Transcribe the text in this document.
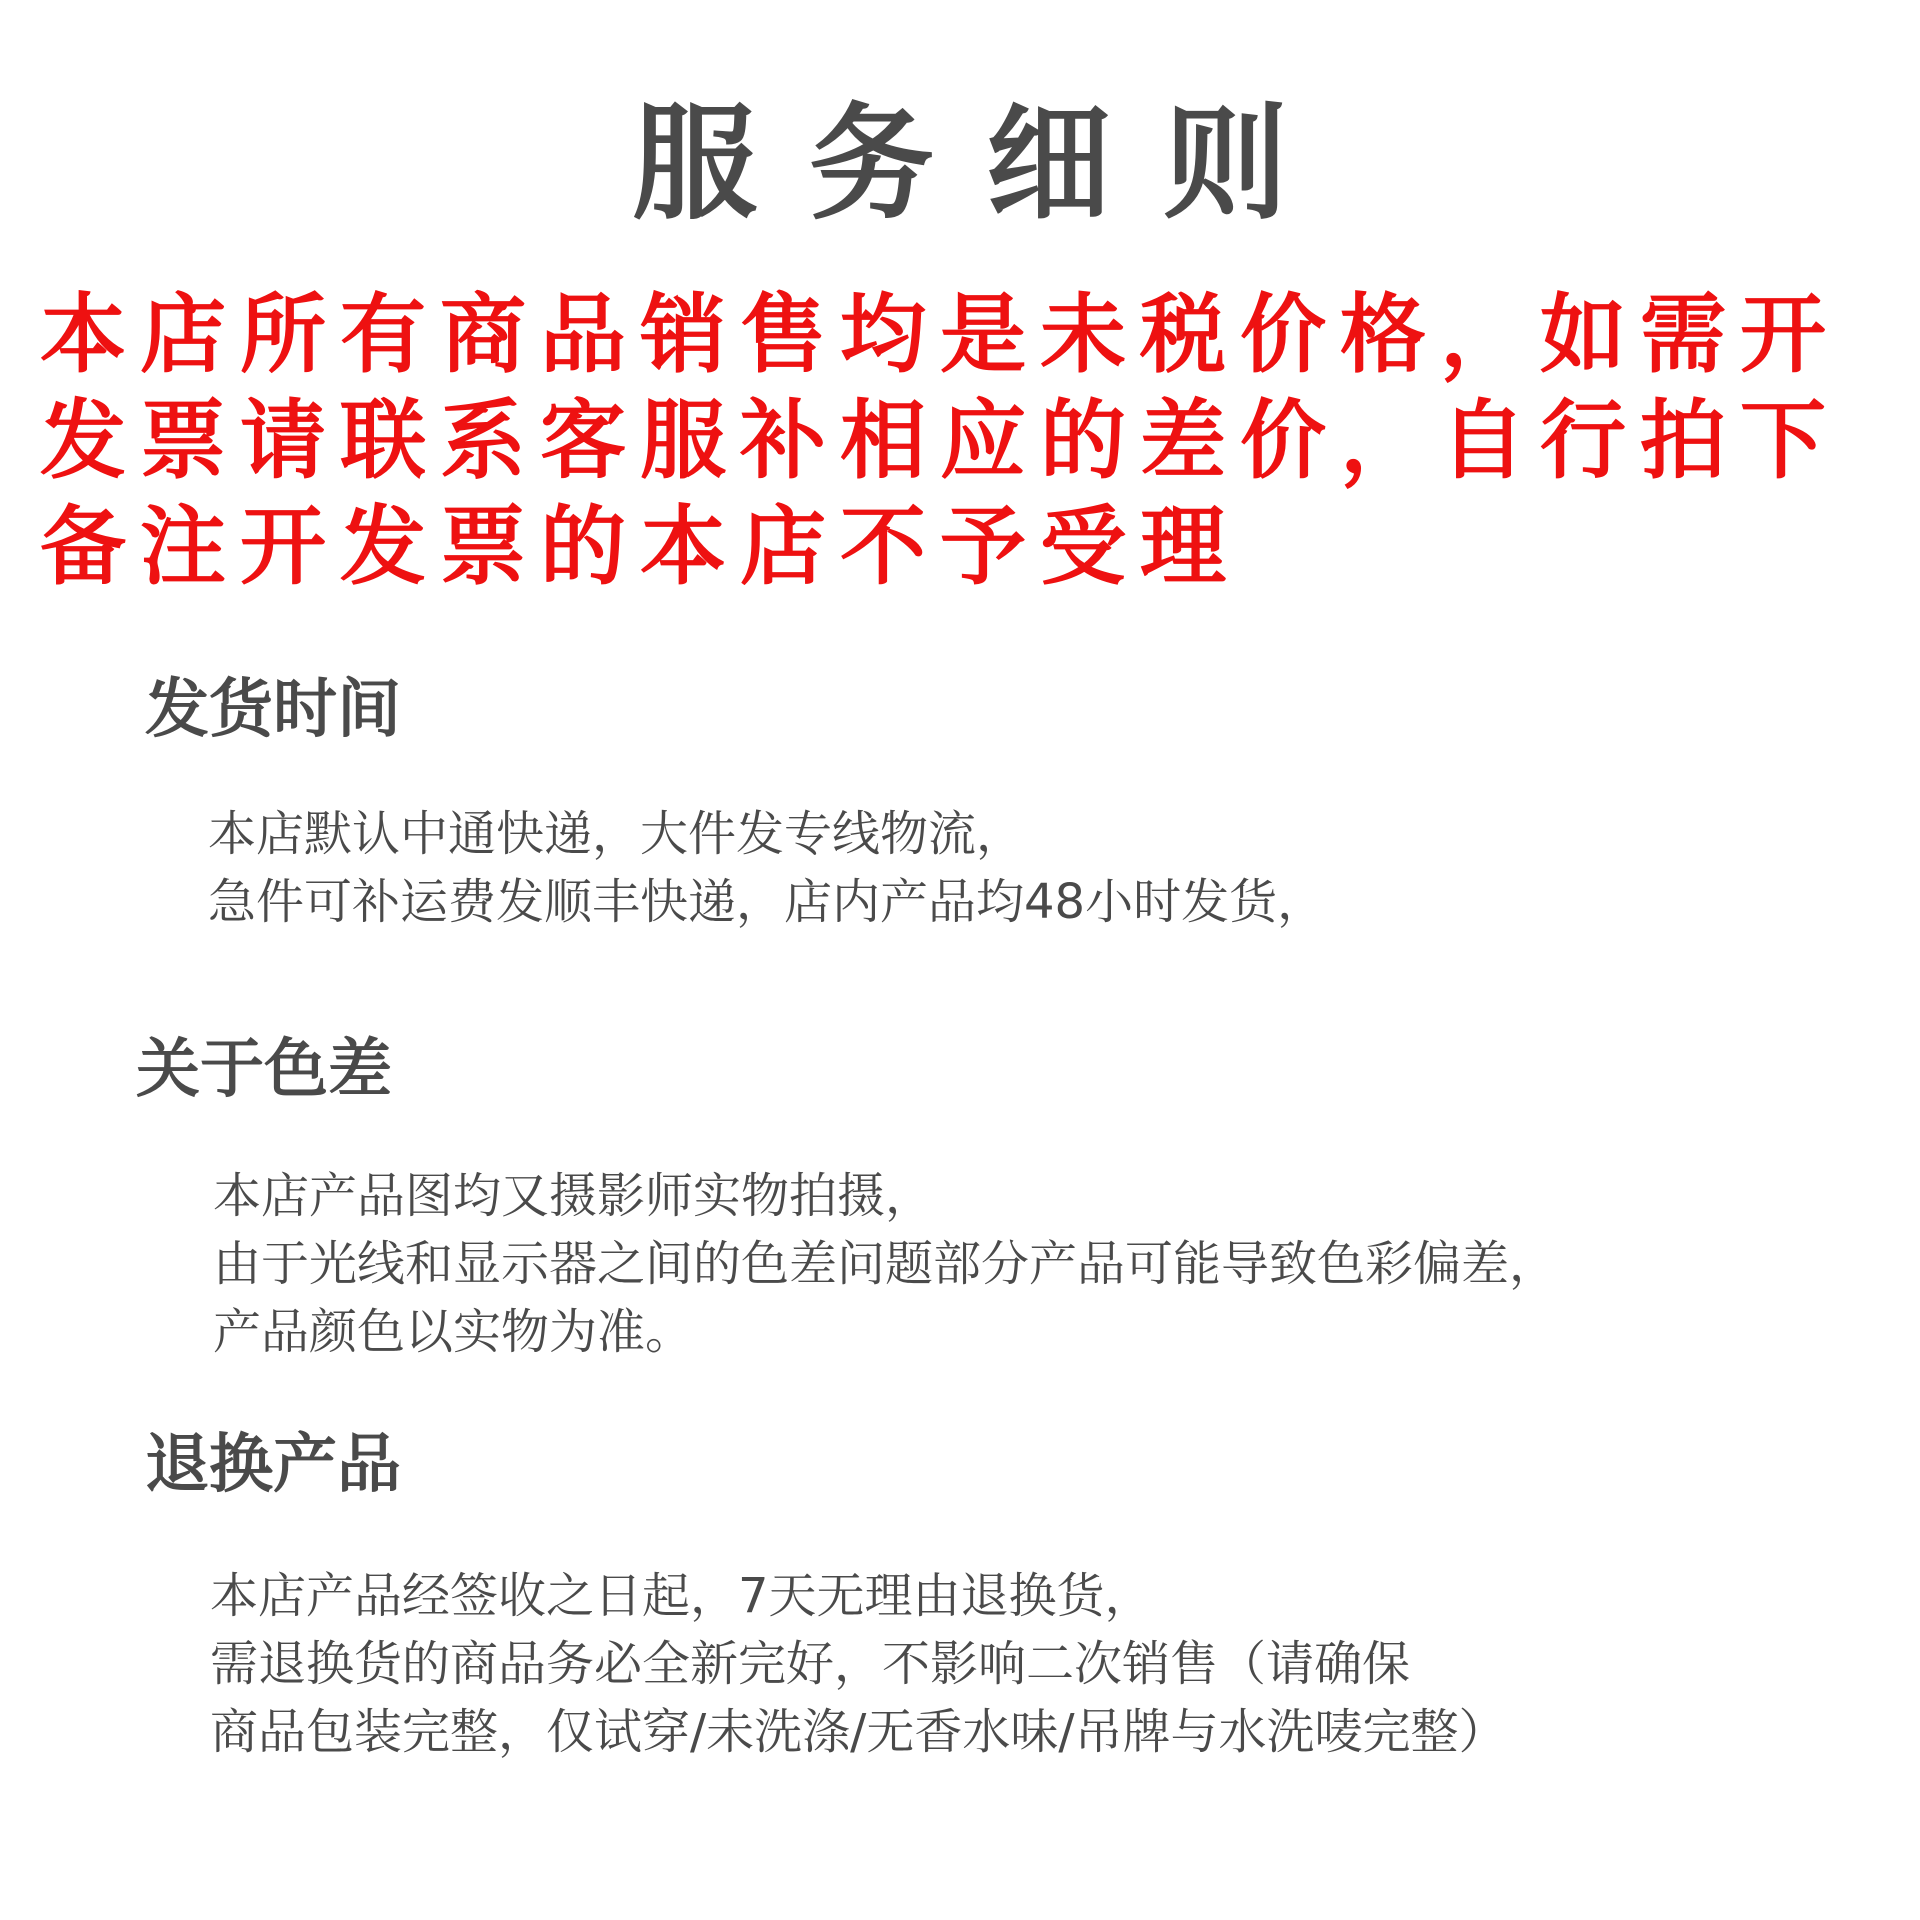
服务细则
本店所有商品销售均是未税价格，如需开
发票请联系客服补相应的差价，自行拍下
备注开发票的本店不予受理
发货时间
本店默认中通快递，大件发专线物流，
急件可补运费发顺丰快递，店内产品均48小时发货，
关于色差
本店产品图均又摄影师实物拍摄，
由于光线和显示器之间的色差问题部分产品可能导致色彩偏差，
产品颜色以实物为准。
退换产品
本店产品经签收之日起，7天无理由退换货，
需退换货的商品务必全新完好，不影响二次销售（请确保
商品包装完整，仅试穿/未洗涤/无香水味/吊牌与水洗唛完整）
